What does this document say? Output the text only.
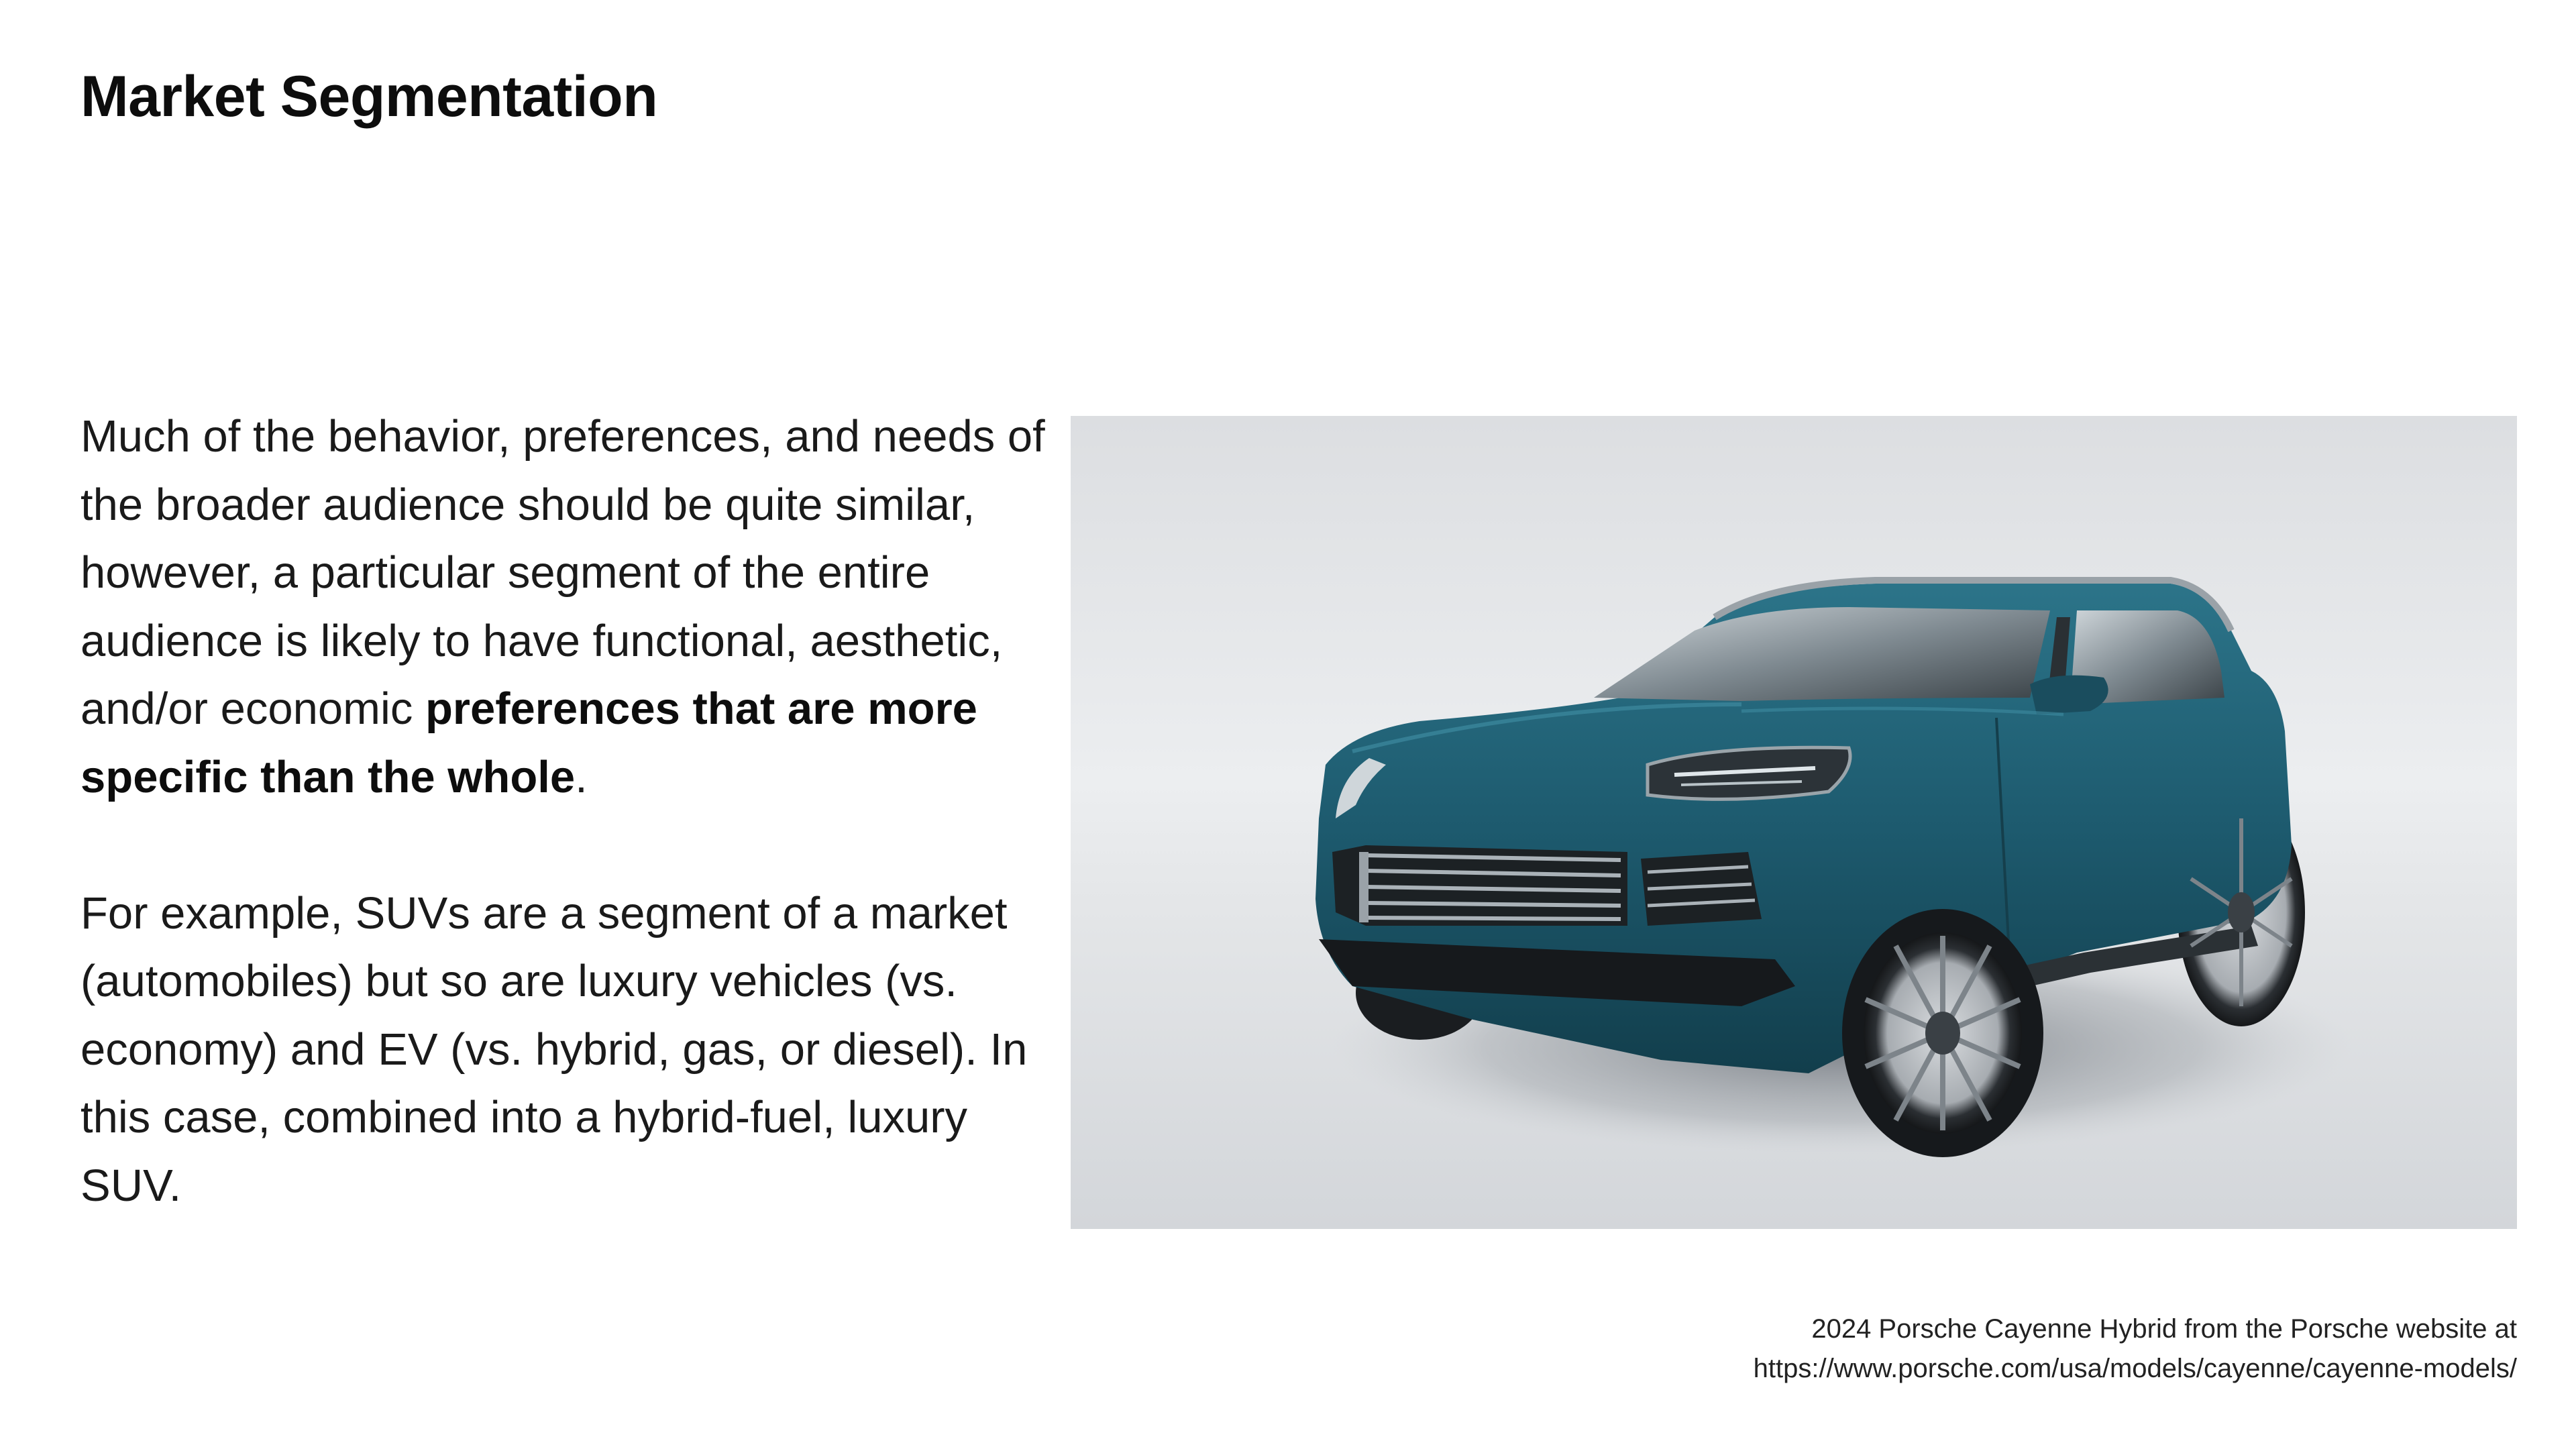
Market Segmentation

Much of the behavior, preferences, and needs of the broader audience should be quite similar, however, a particular segment of the entire audience is likely to have functional, aesthetic, and/or economic preferences that are more specific than the whole.

For example, SUVs are a segment of a market (automobiles) but so are luxury vehicles (vs. economy) and EV (vs. hybrid, gas, or diesel). In this case, combined into a hybrid-fuel, luxury SUV.

2024 Porsche Cayenne Hybrid from the Porsche website at
https://www.porsche.com/usa/models/cayenne/cayenne-models/
